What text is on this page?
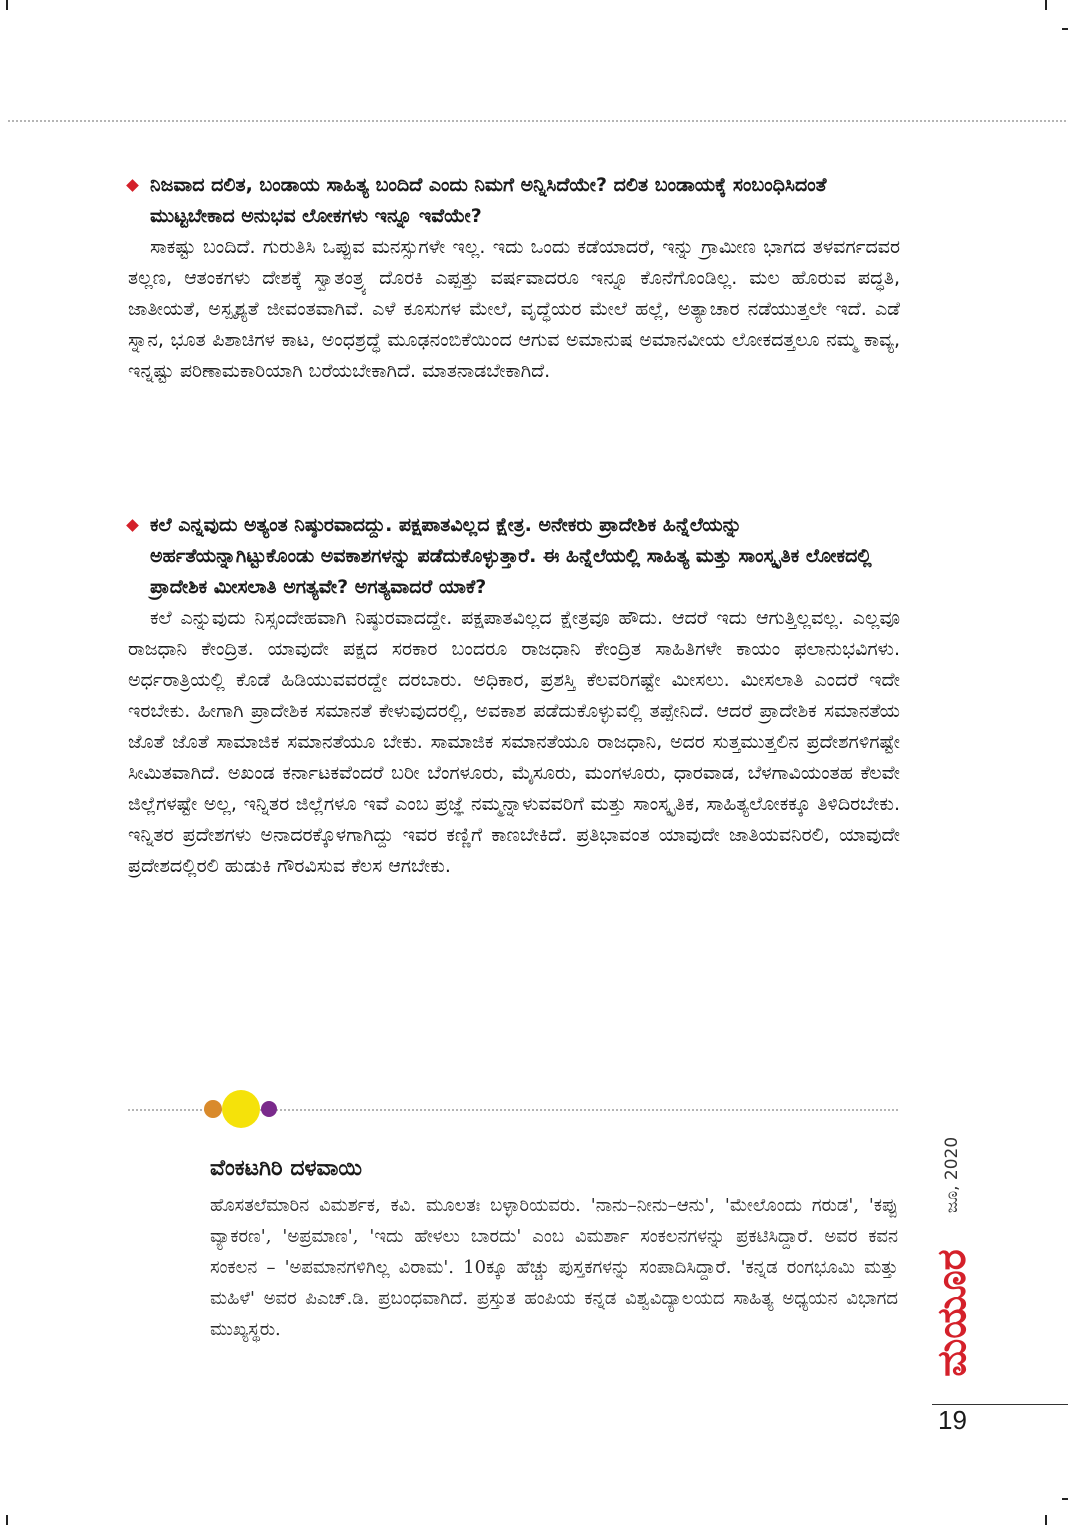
ನಿಜವಾದ ದಲಿತ, ಬಂಡಾಯ ಸಾಹಿತ್ಯ ಬಂದಿದೆ ಎಂದು ನಿಮಗೆ ಅನ್ನಿಸಿದೆಯೇ? ದಲಿತ ಬಂಡಾಯಕ್ಕೆ ಸಂಬಂಧಿಸಿದಂತೆ ಮುಟ್ಟಬೇಕಾದ ಅನುಭವ ಲೋಕಗಳು ಇನ್ನೂ ಇವೆಯೇ?

ಸಾಕಷ್ಟು ಬಂದಿದೆ. ಗುರುತಿಸಿ ಒಪ್ಪುವ ಮನಸ್ಸುಗಳೇ ಇಲ್ಲ. ಇದು ಒಂದು ಕಡೆಯಾದರೆ, ಇನ್ನು ಗ್ರಾಮೀಣ ಭಾಗದ ತಳವರ್ಗದವರ ತಲ್ಲಣ, ಆತಂಕಗಳು ದೇಶಕ್ಕೆ ಸ್ವಾತಂತ್ರ್ಯ ದೊರಕಿ ಎಪ್ಪತ್ತು ವರ್ಷವಾದರೂ ಇನ್ನೂ ಕೊನೆಗೊಂಡಿಲ್ಲ. ಮಲ ಹೊರುವ ಪದ್ಧತಿ, ಜಾತೀಯತೆ, ಅಸ್ಪೃಶ್ಯತೆ ಜೀವಂತವಾಗಿವೆ. ಎಳೆ ಕೂಸುಗಳ ಮೇಲೆ, ವೃದ್ಧೆಯರ ಮೇಲೆ ಹಲ್ಲೆ, ಅತ್ಯಾಚಾರ ನಡೆಯುತ್ತಲೇ ಇದೆ. ಎಡೆ ಸ್ನಾನ, ಭೂತ ಪಿಶಾಚಿಗಳ ಕಾಟ, ಅಂಧಶ್ರದ್ಧೆ ಮೂಢನಂಬಿಕೆಯಿಂದ ಆಗುವ ಅಮಾನುಷ ಅಮಾನವೀಯ ಲೋಕದತ್ತಲೂ ನಮ್ಮ ಕಾವ್ಯ, ಇನ್ನಷ್ಟು ಪರಿಣಾಮಕಾರಿಯಾಗಿ ಬರೆಯಬೇಕಾಗಿದೆ. ಮಾತನಾಡಬೇಕಾಗಿದೆ.

ಕಲೆ ಎನ್ನವುದು ಅತ್ಯಂತ ನಿಷ್ಠುರವಾದದ್ದು. ಪಕ್ಷಪಾತವಿಲ್ಲದ ಕ್ಷೇತ್ರ. ಅನೇಕರು ಪ್ರಾದೇಶಿಕ ಹಿನ್ನೆಲೆಯನ್ನು ಅರ್ಹತೆಯನ್ನಾಗಿಟ್ಟುಕೊಂಡು ಅವಕಾಶಗಳನ್ನು ಪಡೆದುಕೊಳ್ಳುತ್ತಾರೆ. ಈ ಹಿನ್ನೆಲೆಯಲ್ಲಿ ಸಾಹಿತ್ಯ ಮತ್ತು ಸಾಂಸ್ಕೃತಿಕ ಲೋಕದಲ್ಲಿ ಪ್ರಾದೇಶಿಕ ಮೀಸಲಾತಿ ಅಗತ್ಯವೇ? ಅಗತ್ಯವಾದರೆ ಯಾಕೆ?

ಕಲೆ ಎನ್ನುವುದು ನಿಸ್ಸಂದೇಹವಾಗಿ ನಿಷ್ಠುರವಾದದ್ದೇ. ಪಕ್ಷಪಾತವಿಲ್ಲದ ಕ್ಷೇತ್ರವೂ ಹೌದು. ಆದರೆ ಇದು ಆಗುತ್ತಿಲ್ಲವಲ್ಲ. ಎಲ್ಲವೂ ರಾಜಧಾನಿ ಕೇಂದ್ರಿತ. ಯಾವುದೇ ಪಕ್ಷದ ಸರಕಾರ ಬಂದರೂ ರಾಜಧಾನಿ ಕೇಂದ್ರಿತ ಸಾಹಿತಿಗಳೇ ಕಾಯಂ ಫಲಾನುಭವಿಗಳು. ಅರ್ಧರಾತ್ರಿಯಲ್ಲಿ ಕೊಡೆ ಹಿಡಿಯುವವರದ್ದೇ ದರಬಾರು. ಅಧಿಕಾರ, ಪ್ರಶಸ್ತಿ ಕೆಲವರಿಗಷ್ಟೇ ಮೀಸಲು. ಮೀಸಲಾತಿ ಎಂದರೆ ಇದೇ ಇರಬೇಕು. ಹೀಗಾಗಿ ಪ್ರಾದೇಶಿಕ ಸಮಾನತೆ ಕೇಳುವುದರಲ್ಲಿ, ಅವಕಾಶ ಪಡೆದುಕೊಳ್ಳುವಲ್ಲಿ ತಪ್ಪೇನಿದೆ. ಆದರೆ ಪ್ರಾದೇಶಿಕ ಸಮಾನತೆಯ ಜೊತೆ ಜೊತೆ ಸಾಮಾಜಿಕ ಸಮಾನತೆಯೂ ಬೇಕು. ಸಾಮಾಜಿಕ ಸಮಾನತೆಯೂ ರಾಜಧಾನಿ, ಅದರ ಸುತ್ತಮುತ್ತಲಿನ ಪ್ರದೇಶಗಳಿಗಷ್ಟೇ ಸೀಮಿತವಾಗಿದೆ. ಅಖಂಡ ಕರ್ನಾಟಕವೆಂದರೆ ಬರೀ ಬೆಂಗಳೂರು, ಮೈಸೂರು, ಮಂಗಳೂರು, ಧಾರವಾಡ, ಬೆಳಗಾವಿಯಂತಹ ಕೆಲವೇ ಜಿಲ್ಲೆಗಳಷ್ಟೇ ಅಲ್ಲ, ಇನ್ನಿತರ ಜಿಲ್ಲೆಗಳೂ ಇವೆ ಎಂಬ ಪ್ರಜ್ಞೆ ನಮ್ಮನ್ನಾಳುವವರಿಗೆ ಮತ್ತು ಸಾಂಸ್ಕೃತಿಕ, ಸಾಹಿತ್ಯಲೋಕಕ್ಕೂ ತಿಳಿದಿರಬೇಕು. ಇನ್ನಿತರ ಪ್ರದೇಶಗಳು ಅನಾದರಕ್ಕೊಳಗಾಗಿದ್ದು ಇವರ ಕಣ್ಣಿಗೆ ಕಾಣಬೇಕಿದೆ. ಪ್ರತಿಭಾವಂತ ಯಾವುದೇ ಜಾತಿಯವನಿರಲಿ, ಯಾವುದೇ ಪ್ರದೇಶದಲ್ಲಿರಲಿ ಹುಡುಕಿ ಗೌರವಿಸುವ ಕೆಲಸ ಆಗಬೇಕು.

ವೆಂಕಟಗಿರಿ ದಳವಾಯಿ

ಹೊಸತಲೆಮಾರಿನ ವಿಮರ್ಶಕ, ಕವಿ. ಮೂಲತಃ ಬಳ್ಳಾರಿಯವರು. 'ನಾನು–ನೀನು–ಆನು', 'ಮೇಲೊಂದು ಗರುಡ', 'ಕಪ್ಪು ವ್ಯಾಕರಣ', 'ಅಪ್ರಮಾಣ', 'ಇದು ಹೇಳಲು ಬಾರದು' ಎಂಬ ವಿಮರ್ಶಾ ಸಂಕಲನಗಳನ್ನು ಪ್ರಕಟಿಸಿದ್ದಾರೆ. ಅವರ ಕವನ ಸಂಕಲನ – 'ಅಪಮಾನಗಳಿಗಿಲ್ಲ ವಿರಾಮ'. 10ಕ್ಕೂ ಹೆಚ್ಚು ಪುಸ್ತಕಗಳನ್ನು ಸಂಪಾದಿಸಿದ್ದಾರೆ. 'ಕನ್ನಡ ರಂಗಭೂಮಿ ಮತ್ತು ಮಹಿಳೆ' ಅವರ ಪಿಎಚ್.ಡಿ. ಪ್ರಬಂಧವಾಗಿದೆ. ಪ್ರಸ್ತುತ ಹಂಪಿಯ ಕನ್ನಡ ವಿಶ್ವವಿದ್ಯಾಲಯದ ಸಾಹಿತ್ಯ ಅಧ್ಯಯನ ವಿಭಾಗದ ಮುಖ್ಯಸ್ಥರು.

ಜೂ, 2020
ಮಯೂರ
19
